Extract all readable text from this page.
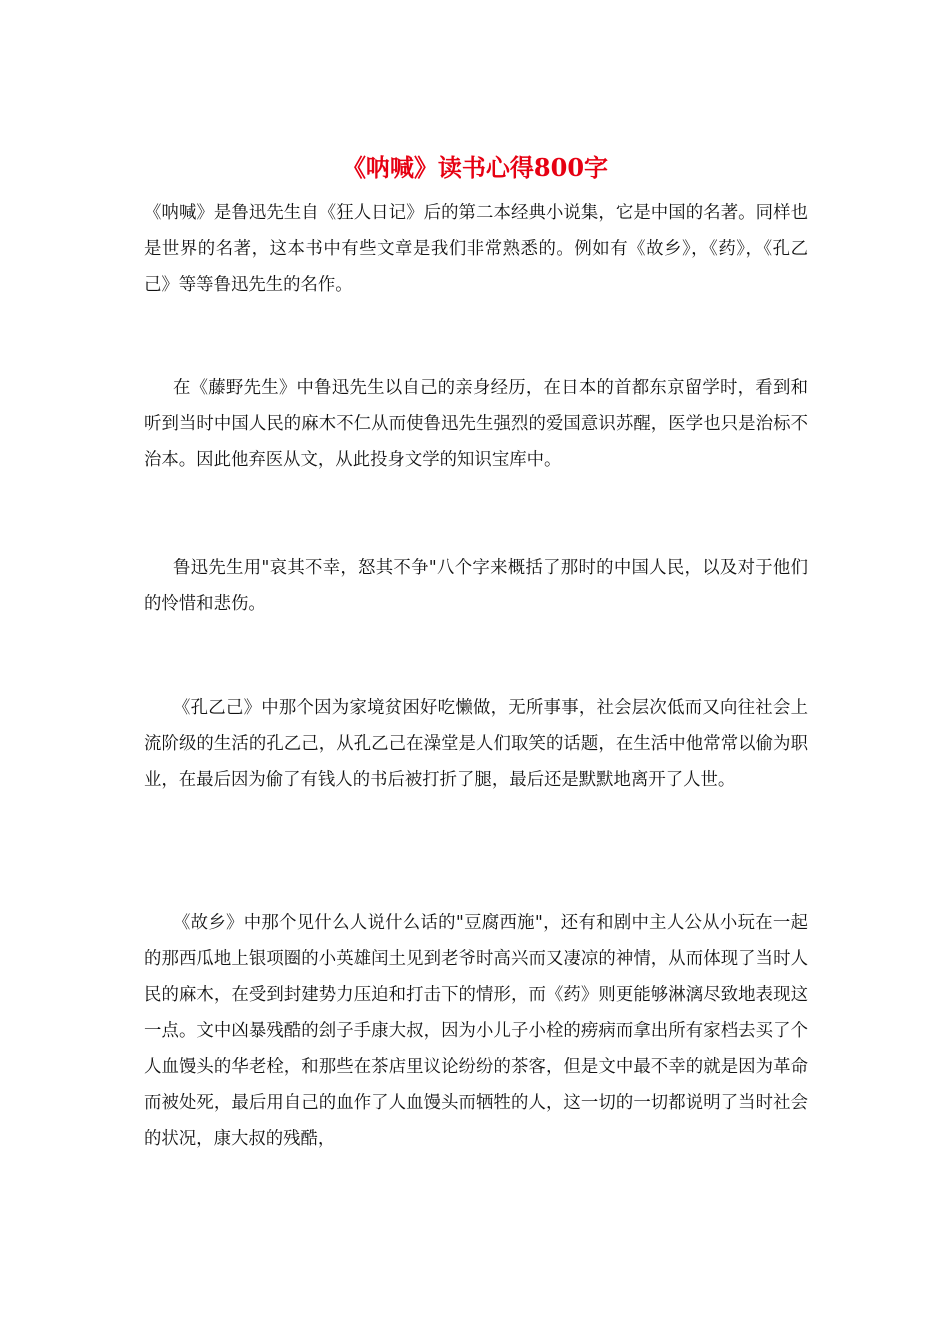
《呐喊》读书心得800字

《呐喊》是鲁迅先生自《狂人日记》后的第二本经典小说集，它是中国的名著。同样也是世界的名著，这本书中有些文章是我们非常熟悉的。例如有《故乡》，《药》，《孔乙己》等等鲁迅先生的名作。

在《藤野先生》中鲁迅先生以自己的亲身经历，在日本的首都东京留学时，看到和听到当时中国人民的麻木不仁从而使鲁迅先生强烈的爱国意识苏醒，医学也只是治标不治本。因此他弃医从文，从此投身文学的知识宝库中。

鲁迅先生用"哀其不幸，怒其不争"八个字来概括了那时的中国人民，以及对于他们的怜惜和悲伤。

《孔乙己》中那个因为家境贫困好吃懒做，无所事事，社会层次低而又向往社会上流阶级的生活的孔乙己，从孔乙己在澡堂是人们取笑的话题，在生活中他常常以偷为职业，在最后因为偷了有钱人的书后被打折了腿，最后还是默默地离开了人世。

《故乡》中那个见什么人说什么话的"豆腐西施"，还有和剧中主人公从小玩在一起的那西瓜地上银项圈的小英雄闰土见到老爷时高兴而又凄凉的神情，从而体现了当时人民的麻木，在受到封建势力压迫和打击下的情形，而《药》则更能够淋漓尽致地表现这一点。文中凶暴残酷的刽子手康大叔，因为小儿子小栓的痨病而拿出所有家档去买了个人血馒头的华老栓，和那些在茶店里议论纷纷的茶客，但是文中最不幸的就是因为革命而被处死，最后用自己的血作了人血馒头而牺牲的人，这一切的一切都说明了当时社会的状况，康大叔的残酷，
